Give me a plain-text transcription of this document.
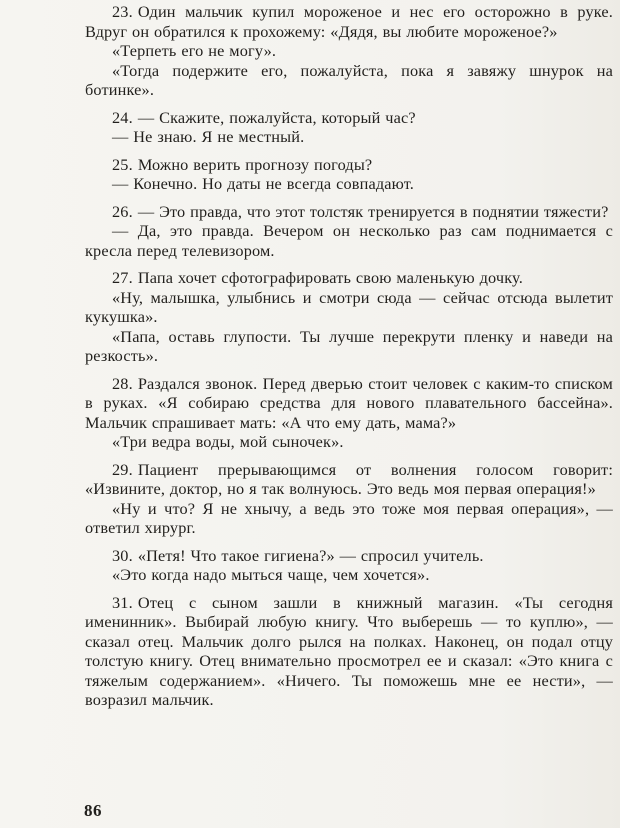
23. Один мальчик купил мороженое и нес его осторожно в руке. Вдруг он обратился к прохожему: «Дядя, вы любите мороженое?»

«Терпеть его не могу».

«Тогда подержите его, пожалуйста, пока я завяжу шнурок на ботинке».

24. — Скажите, пожалуйста, который час?

— Не знаю. Я не местный.

25. Можно верить прогнозу погоды?

— Конечно. Но даты не всегда совпадают.

26. — Это правда, что этот толстяк тренируется в поднятии тяжести?

— Да, это правда. Вечером он несколько раз сам поднимается с кресла перед телевизором.

27. Папа хочет сфотографировать свою маленькую дочку.

«Ну, малышка, улыбнись и смотри сюда — сейчас отсюда вылетит кукушка».

«Папа, оставь глупости. Ты лучше перекрути пленку и наведи на резкость».

28. Раздался звонок. Перед дверью стоит человек с каким-то списком в руках. «Я собираю средства для нового плавательного бассейна». Мальчик спрашивает мать: «А что ему дать, мама?»

«Три ведра воды, мой сыночек».

29. Пациент прерывающимся от волнения голосом говорит: «Извините, доктор, но я так волнуюсь. Это ведь моя первая операция!»

«Ну и что? Я не хнычу, а ведь это тоже моя первая операция», — ответил хирург.

30. «Петя! Что такое гигиена?» — спросил учитель.

«Это когда надо мыться чаще, чем хочется».

31. Отец с сыном зашли в книжный магазин. «Ты сегодня именинник». Выбирай любую книгу. Что выберешь — то куплю», — сказал отец. Мальчик долго рылся на полках. Наконец, он подал отцу толстую книгу. Отец внимательно просмотрел ее и сказал: «Это книга с тяжелым содержанием». «Ничего. Ты поможешь мне ее нести», — возразил мальчик.

86
